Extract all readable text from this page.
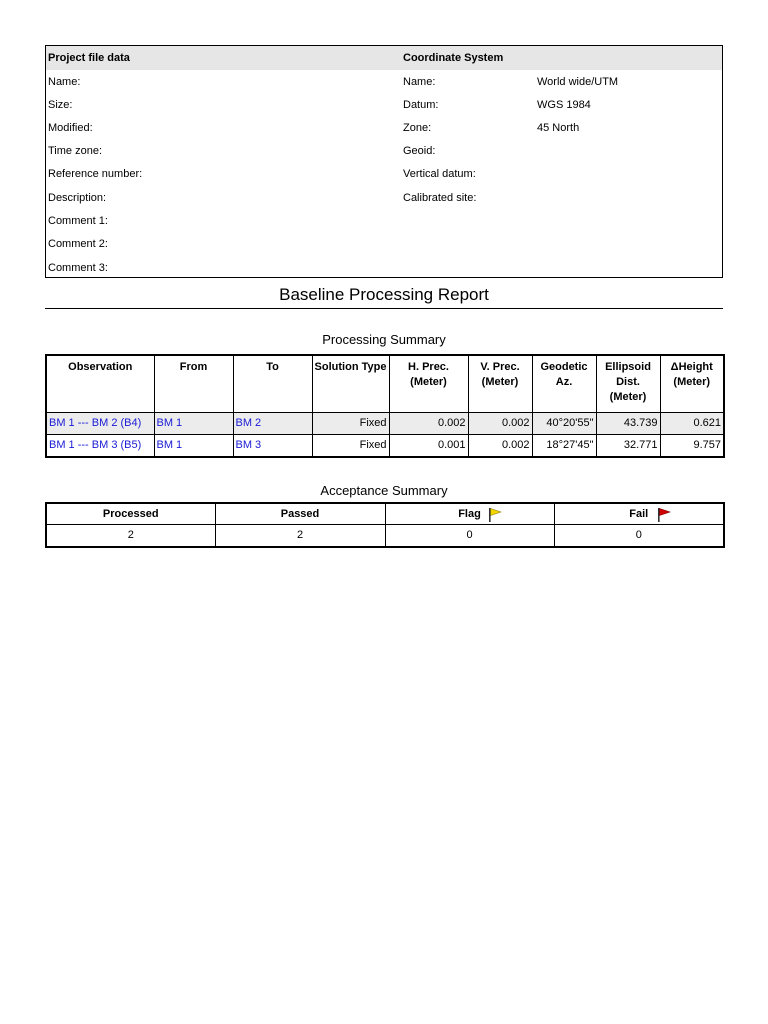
Project file data	Coordinate System
Name:
Size:
Modified:
Time zone:
Reference number:
Description:
Comment 1:
Comment 2:
Comment 3:
Name:	World wide/UTM
Datum:	WGS 1984
Zone:	45 North
Geoid:
Vertical datum:
Calibrated site:
Baseline Processing Report
Processing Summary
Observation	From	To	Solution Type	H. Prec. (Meter)	V. Prec. (Meter)	Geodetic Az.	Ellipsoid Dist. (Meter)	ΔHeight (Meter)
BM 1 --- BM 2 (B4)	BM 1	BM 2	Fixed	0.002	0.002	40°20'55"	43.739	0.621
BM 1 --- BM 3 (B5)	BM 1	BM 3	Fixed	0.001	0.002	18°27'45"	32.771	9.757
Acceptance Summary
Processed	Passed	Flag	Fail

2	2	0	0
